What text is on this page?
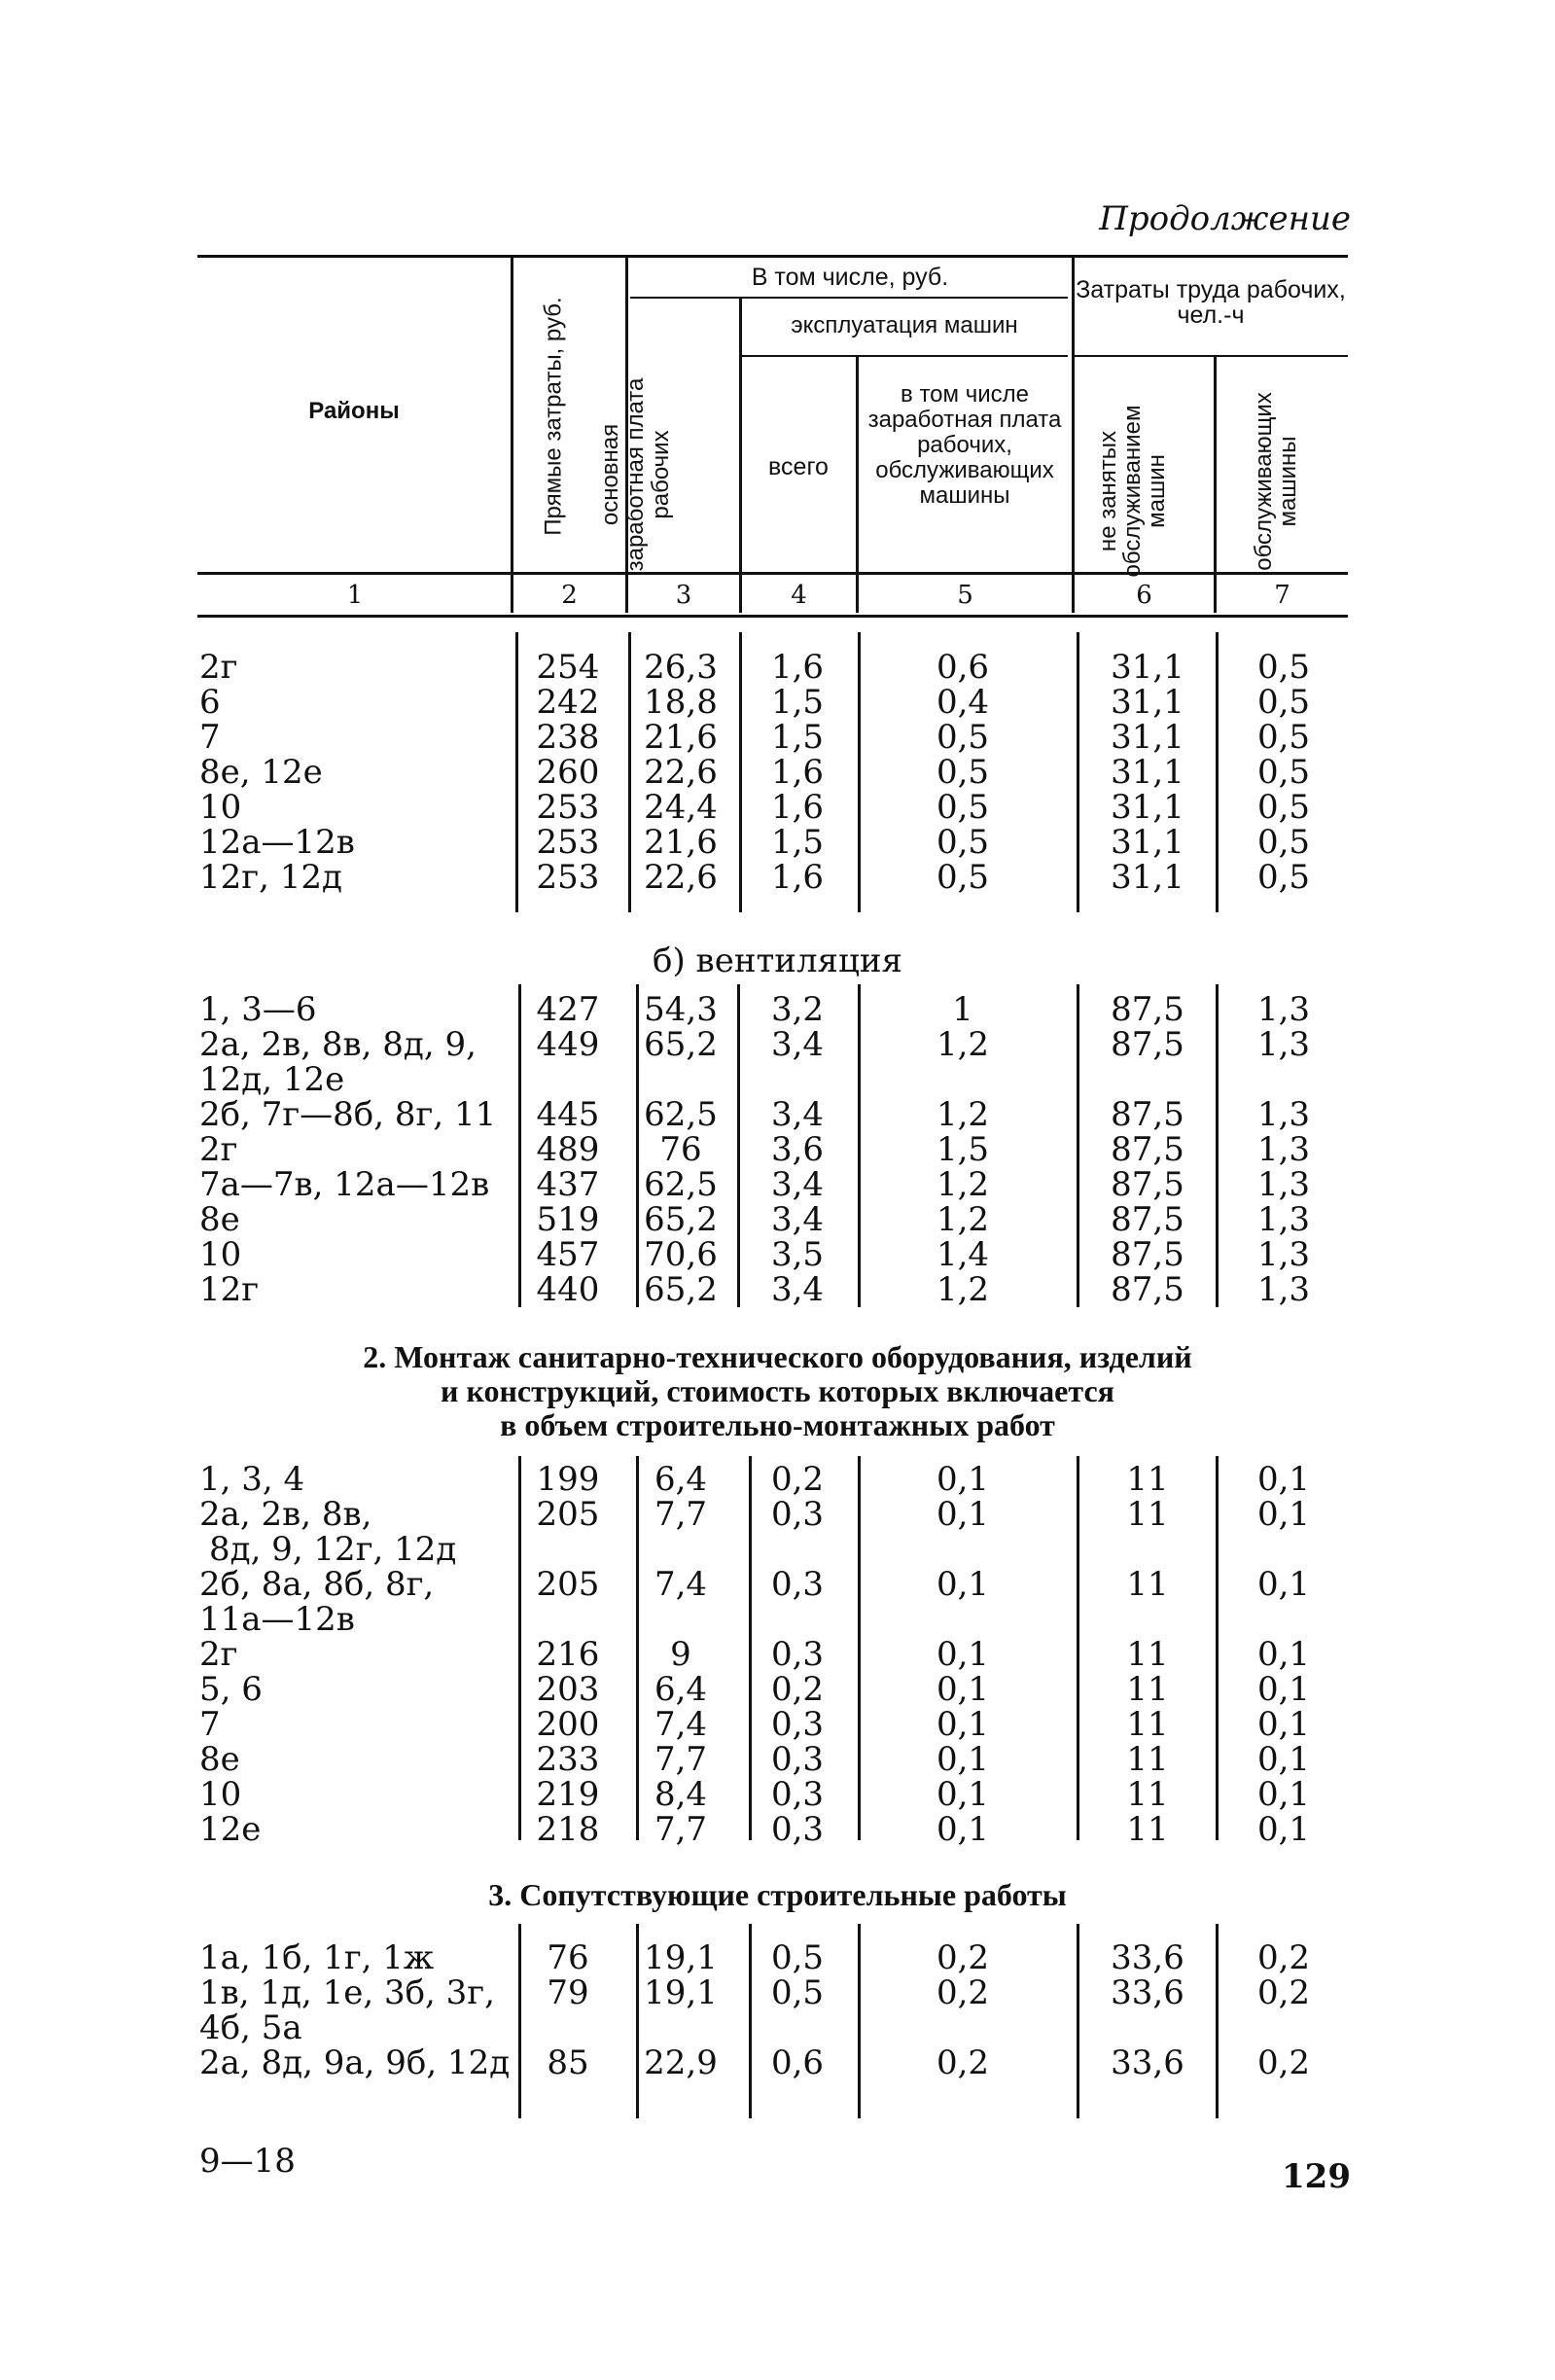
Продолжение
Районы	Прямые затраты, руб.
В том числе, руб.
основная заработная плата рабочих
эксплуатация машин
всего
в том числе заработная плата рабочих, обслуживающих машины
Затраты труда рабочих, чел.-ч
не занятых обслуживанием машин	обслуживающих машины
1	2	3	4	5	6	7
б) вентиляция
2. Монтаж санитарно-технического оборудования, изделий
и конструкций, стоимость которых включается
в объем строительно-монтажных работ
3. Сопутствующие строительные работы
2г	254	26,3	1,6	0,6	31,1	0,5
6	242	18,8	1,5	0,4	31,1	0,5
7	238	21,6	1,5	0,5	31,1	0,5
8е, 12е	260	22,6	1,6	0,5	31,1	0,5
10	253	24,4	1,6	0,5	31,1	0,5
12а—12в	253	21,6	1,5	0,5	31,1	0,5
12г, 12д	253	22,6	1,6	0,5	31,1	0,5
1, 3—6	427	54,3	3,2	1	87,5	1,3
2а, 2в, 8в, 8д, 9,	449	65,2	3,4	1,2	87,5	1,3
12д, 12е
2б, 7г—8б, 8г, 11	445	62,5	3,4	1,2	87,5	1,3
2г	489	76	3,6	1,5	87,5	1,3
7а—7в, 12а—12в	437	62,5	3,4	1,2	87,5	1,3
8е	519	65,2	3,4	1,2	87,5	1,3
10	457	70,6	3,5	1,4	87,5	1,3
12г	440	65,2	3,4	1,2	87,5	1,3
1, 3, 4	199	6,4	0,2	0,1	11	0,1
2а, 2в, 8в,	205	7,7	0,3	0,1	11	0,1
8д, 9, 12г, 12д
2б, 8а, 8б, 8г,	205	7,4	0,3	0,1	11	0,1
11а—12в
2г	216	9	0,3	0,1	11	0,1
5, 6	203	6,4	0,2	0,1	11	0,1
7	200	7,4	0,3	0,1	11	0,1
8е	233	7,7	0,3	0,1	11	0,1
10	219	8,4	0,3	0,1	11	0,1
12е	218	7,7	0,3	0,1	11	0,1
1а, 1б, 1г, 1ж	76	19,1	0,5	0,2	33,6	0,2
1в, 1д, 1е, 3б, 3г,	79	19,1	0,5	0,2	33,6	0,2
4б, 5а
2а, 8д, 9а, 9б, 12д	85	22,9	0,6	0,2	33,6	0,2
9—18	129
